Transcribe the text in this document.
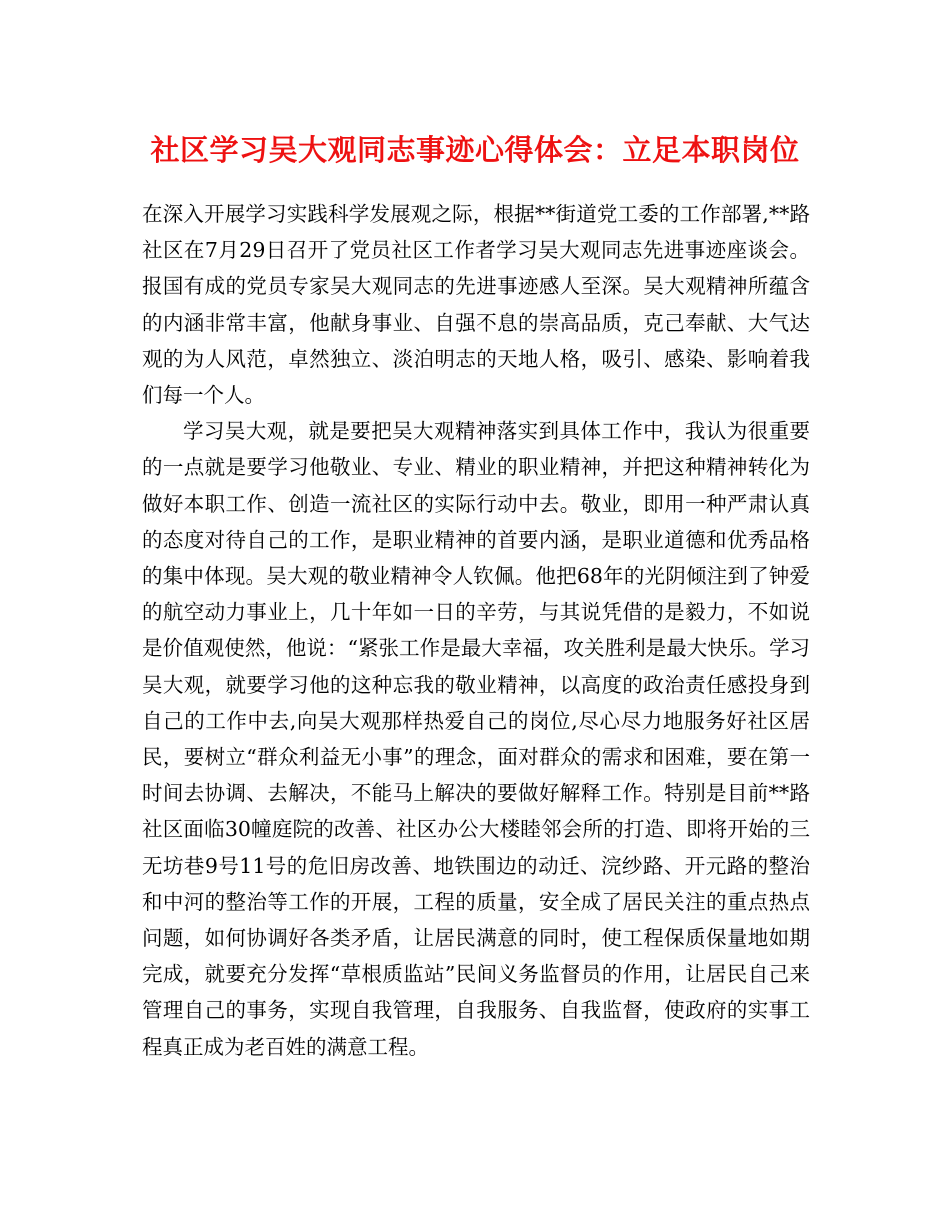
社区学习吴大观同志事迹心得体会：立足本职岗位

在深入开展学习实践科学发展观之际，根据**街道党工委的工作部署,**路社区在7月29日召开了党员社区工作者学习吴大观同志先进事迹座谈会。报国有成的党员专家吴大观同志的先进事迹感人至深。吴大观精神所蕴含的内涵非常丰富，他献身事业、自强不息的崇高品质，克己奉献、大气达观的为人风范，卓然独立、淡泊明志的天地人格，吸引、感染、影响着我们每一个人。

学习吴大观，就是要把吴大观精神落实到具体工作中，我认为很重要的一点就是要学习他敬业、专业、精业的职业精神，并把这种精神转化为做好本职工作、创造一流社区的实际行动中去。敬业，即用一种严肃认真的态度对待自己的工作，是职业精神的首要内涵，是职业道德和优秀品格的集中体现。吴大观的敬业精神令人钦佩。他把68年的光阴倾注到了钟爱的航空动力事业上，几十年如一日的辛劳，与其说凭借的是毅力，不如说是价值观使然，他说：“紧张工作是最大幸福，攻关胜利是最大快乐。学习吴大观，就要学习他的这种忘我的敬业精神，以高度的政治责任感投身到自己的工作中去,向吴大观那样热爱自己的岗位,尽心尽力地服务好社区居民，要树立“群众利益无小事”的理念，面对群众的需求和困难，要在第一时间去协调、去解决，不能马上解决的要做好解释工作。特别是目前**路社区面临30幢庭院的改善、社区办公大楼睦邻会所的打造、即将开始的三无坊巷9号11号的危旧房改善、地铁围边的动迁、浣纱路、开元路的整治和中河的整治等工作的开展，工程的质量，安全成了居民关注的重点热点问题，如何协调好各类矛盾，让居民满意的同时，使工程保质保量地如期完成，就要充分发挥“草根质监站”民间义务监督员的作用，让居民自己来管理自己的事务，实现自我管理，自我服务、自我监督，使政府的实事工程真正成为老百姓的满意工程。
